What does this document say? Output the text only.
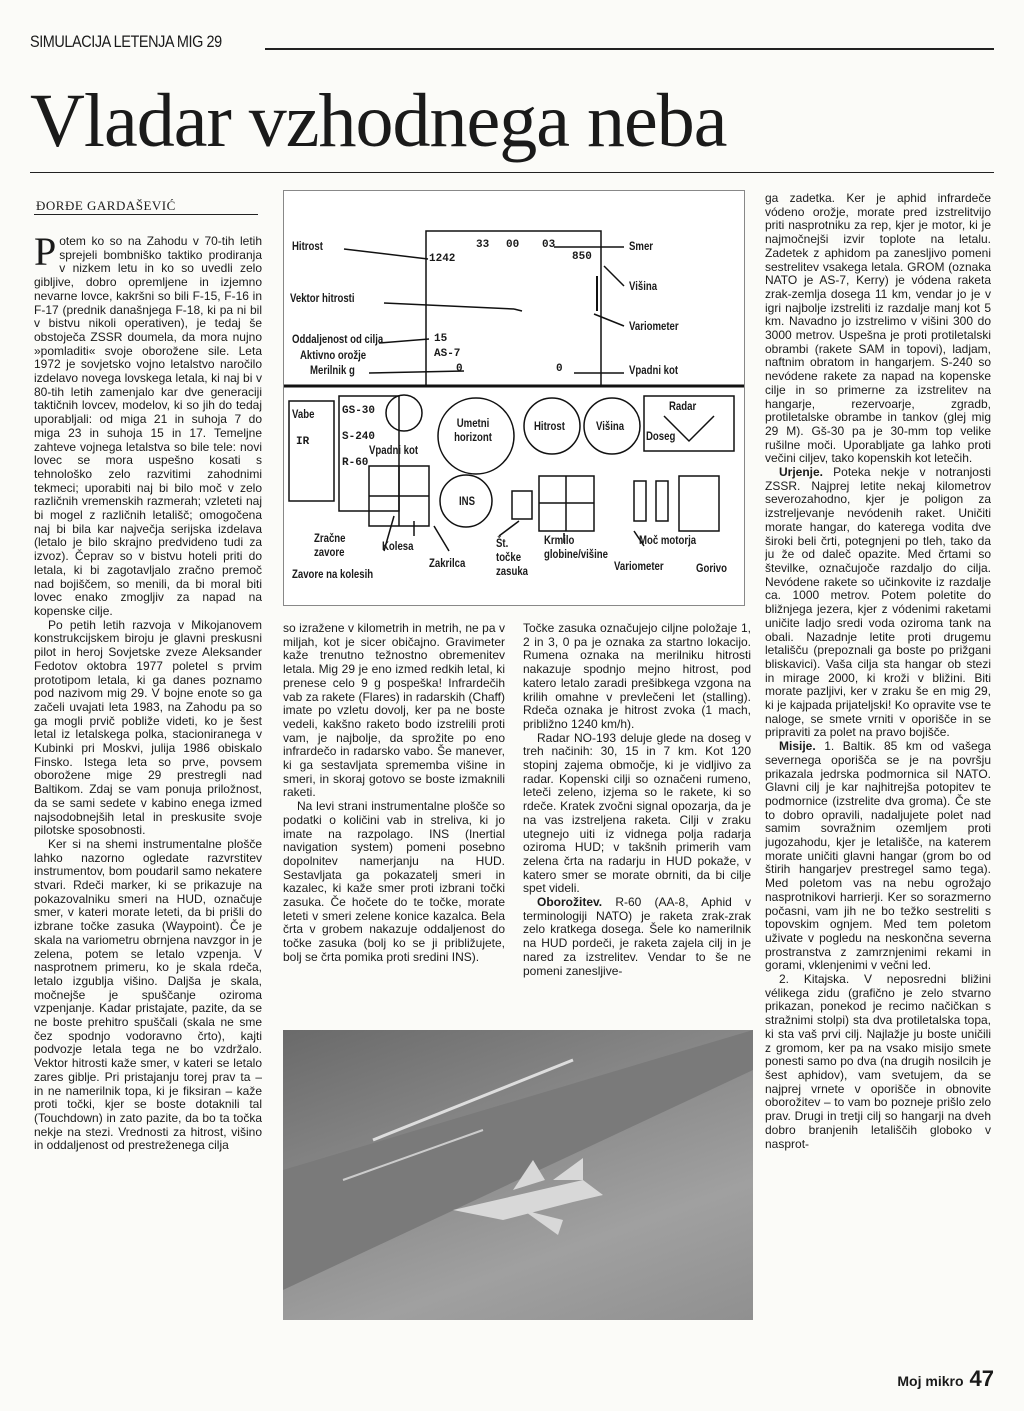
SIMULACIJA LETENJA MIG 29
Vladar vzhodnega neba
ĐORĐE GARDAŠEVIĆ

Potem ko so na Zahodu v 70-tih letih sprejeli bombniško taktiko prodiranja v nizkem letu in ko so uvedli zelo gibljive, dobro opremljene in izjemno nevarne lovce, kakršni so bili F-15, F-16 in F-17 (prednik današnjega F-18, ki pa ni bil v bistvu nikoli operativen), je tedaj še obstoječa ZSSR doumela, da mora nujno »pomladiti« svoje oborožene sile. Leta 1972 je sovjetsko vojno letalstvo naročilo izdelavo novega lovskega letala, ki naj bi v 80-tih letih zamenjalo kar dve generaciji taktičnih lovcev, modelov, ki so jih do tedaj uporabljali: od miga 21 in suhoja 7 do miga 23 in suhoja 15 in 17. Temeljne zahteve vojnega letalstva so bile tele: novi lovec se mora uspešno kosati s tehnološko zelo razvitimi zahodnimi tekmeci; uporabiti naj bi bilo moč v zelo različnih vremenskih razmerah; vzleteti naj bi mogel z različnih letališč; omogočena naj bi bila kar največja serijska izdelava (letalo je bilo skrajno predvideno tudi za izvoz). Čeprav so v bistvu hoteli priti do letala, ki bi zagotavljalo zračno premoč nad bojiščem, so menili, da bi moral biti lovec enako zmogljiv za napad na kopenske cilje.

Po petih letih razvoja v Mikojanovem konstrukcijskem biroju je glavni preskusni pilot in heroj Sovjetske zveze Aleksander Fedotov oktobra 1977 poletel s prvim prototipom letala, ki ga danes poznamo pod nazivom mig 29. V bojne enote so ga začeli uvajati leta 1983, na Zahodu pa so ga mogli prvič pobliže videti, ko je šest letal iz letalskega polka, stacioniranega v Kubinki pri Moskvi, julija 1986 obiskalo Finsko. Istega leta so prve, povsem oborožene mige 29 prestregli nad Baltikom. Zdaj se vam ponuja priložnost, da se sami sedete v kabino enega izmed najsodobnejših letal in preskusite svoje pilotske sposobnosti.

Ker si na shemi instrumentalne plošče lahko nazorno ogledate razvrstitev instrumentov, bom poudaril samo nekatere stvari. Rdeči marker, ki se prikazuje na pokazovalniku smeri na HUD, označuje smer, v kateri morate leteti, da bi prišli do izbrane točke zasuka (Waypoint). Če je skala na variometru obrnjena navzgor in je zelena, potem se letalo vzpenja. V nasprotnem primeru, ko je skala rdeča, letalo izgublja višino. Daljša je skala, močnejše je spuščanje oziroma vzpenjanje. Kadar pristajate, pazite, da se ne boste prehitro spuščali (skala ne sme čez spodnjo vodoravno črto), kajti podvozje letala tega ne bo vzdržalo. Vektor hitrosti kaže smer, v kateri se letalo zares giblje. Pri pristajanju torej prav ta – in ne namerilnik topa, ki je fiksiran – kaže proti točki, kjer se boste dotaknili tal (Touchdown) in zato pazite, da bo ta točka nekje na stezi. Vrednosti za hitrost, višino in oddaljenost od prestreženega cilja

Hitrost
Vektor hitrosti
Oddaljenost od cilja
Aktivno orožje
Merilnik g
Smer
Višina
Variometer
Vpadni kot
1242
33 00 03
850
15
AS-7
0	0
Vabe
IR
GS-30
S-240
R-60
Vpadni kot
Umetni horizont
Hitrost	Višina
Radar
Doseg
INS
Zračne zavore	Kolesa
Zavore na kolesih
Zakrilca
Št. točke zasuka
Krmilo globine/višine
Moč motorja
Variometer	Gorivo

so izražene v kilometrih in metrih, ne pa v miljah, kot je sicer običajno. Gravimeter kaže trenutno težnostno obremenitev letala. Mig 29 je eno izmed redkih letal, ki prenese celo 9 g pospeška! Infrardečih vab za rakete (Flares) in radarskih (Chaff) imate po vzletu dovolj, ker pa ne boste vedeli, kakšno raketo bodo izstrelili proti vam, je najbolje, da sprožite po eno infrardečo in radarsko vabo. Še manever, ki ga sestavljata sprememba višine in smeri, in skoraj gotovo se boste izmaknili raketi.

Na levi strani instrumentalne plošče so podatki o količini vab in streliva, ki jo imate na razpolago. INS (Inertial navigation system) pomeni posebno dopolnitev namerjanju na HUD. Sestavljata ga pokazatelj smeri in kazalec, ki kaže smer proti izbrani točki zasuka. Če hočete do te točke, morate leteti v smeri zelene konice kazalca. Bela črta v grobem nakazuje oddaljenost do točke zasuka (bolj ko se ji približujete, bolj se črta pomika proti sredini INS).

Točke zasuka označujejo ciljne položaje 1, 2 in 3, 0 pa je oznaka za startno lokacijo. Rumena oznaka na merilniku hitrosti nakazuje spodnjo mejno hitrost, pod katero letalo zaradi prešibkega vzgona na krilih omahne v prevlečeni let (stalling). Rdeča oznaka je hitrost zvoka (1 mach, približno 1240 km/h).

Radar NO-193 deluje glede na doseg v treh načinih: 30, 15 in 7 km. Kot 120 stopinj zajema območje, ki je vidljivo za radar. Kopenski cilji so označeni rumeno, leteči zeleno, izjema so le rakete, ki so rdeče. Kratek zvočni signal opozarja, da je na vas izstreljena raketa. Cilji v zraku utegnejo uiti iz vidnega polja radarja oziroma HUD; v takšnih primerih vam zelena črta na radarju in HUD pokaže, v katero smer se morate obrniti, da bi cilje spet videli.

Oborožitev. R-60 (AA-8, Aphid v terminologiji NATO) je raketa zrak-zrak zelo kratkega dosega. Šele ko namerilnik na HUD pordeči, je raketa zajela cilj in je nared za izstrelitev. Vendar to še ne pomeni zanesljive-

ga zadetka. Ker je aphid infrardeče vódeno orožje, morate pred izstrelitvijo priti nasprotniku za rep, kjer je motor, ki je najmočnejši izvir toplote na letalu. Zadetek z aphidom pa zanesljivo pomeni sestrelitev vsakega letala. GROM (oznaka NATO je AS-7, Kerry) je vódena raketa zrak-zemlja dosega 11 km, vendar jo je v igri najbolje izstreliti iz razdalje manj kot 5 km. Navadno jo izstrelimo v višini 300 do 3000 metrov. Uspešna je proti protiletalski obrambi (rakete SAM in topovi), ladjam, naftnim obratom in hangarjem. S-240 so nevódene rakete za napad na kopenske cilje in so primerne za izstrelitev na hangarje, rezervoarje, zgradb, protiletalske obrambe in tankov (glej mig 29 M). Gš-30 pa je 30-mm top velike rušilne moči. Uporabljate ga lahko proti večini ciljev, tako kopenskih kot letečih.

Urjenje. Poteka nekje v notranjosti ZSSR. Najprej letite nekaj kilometrov severozahodno, kjer je poligon za izstreljevanje nevódenih raket. Uničiti morate hangar, do katerega vodita dve široki beli črti, potegnjeni po tleh, tako da ju že od daleč opazite. Med črtami so številke, označujoče razdaljo do cilja. Nevódene rakete so učinkovite iz razdalje ca. 1000 metrov. Potem poletite do bližnjega jezera, kjer z vódenimi raketami uničite ladjo sredi voda oziroma tank na obali. Nazadnje letite proti drugemu letališču (prepoznali ga boste po prižgani bliskavici). Vaša cilja sta hangar ob stezi in mirage 2000, ki kroži v bližini. Biti morate pazljivi, ker v zraku še en mig 29, ki je kajpada prijateljski! Ko opravite vse te naloge, se smete vrniti v oporišče in se pripraviti za polet na pravo bojišče.

Misije. 1. Baltik. 85 km od vašega severnega oporišča se je na površju prikazala jedrska podmornica sil NATO. Glavni cilj je kar najhitrejša potopitev te podmornice (izstrelite dva groma). Če ste to dobro opravili, nadaljujete polet nad samim sovražnim ozemljem proti jugozahodu, kjer je letališče, na katerem morate uničiti glavni hangar (grom bo od štirih hangarjev prestregel samo tega). Med poletom vas na nebu ogrožajo nasprotnikovi harrierji. Ker so sorazmerno počasni, vam jih ne bo težko sestreliti s topovskim ognjem. Med tem poletom uživate v pogledu na neskončna severna prostranstva z zamrznjenimi rekami in gorami, vklenjenimi v večni led.

2. Kitajska. V neposredni bližini vélikega zidu (grafično je zelo stvarno prikazan, ponekod je recimo načičkan s stražnimi stolpi) sta dva protiletalska topa, ki sta vaš prvi cilj. Najlažje ju boste uničili z gromom, ker pa na vsako misijo smete ponesti samo po dva (na drugih nosilcih je šest aphidov), vam svetujem, da se najprej vrnete v oporišče in obnovite oborožitev – to vam bo pozneje prišlo zelo prav. Drugi in tretji cilj so hangarji na dveh dobro branjenih letališčih globoko v nasprot-

Moj mikro 47
